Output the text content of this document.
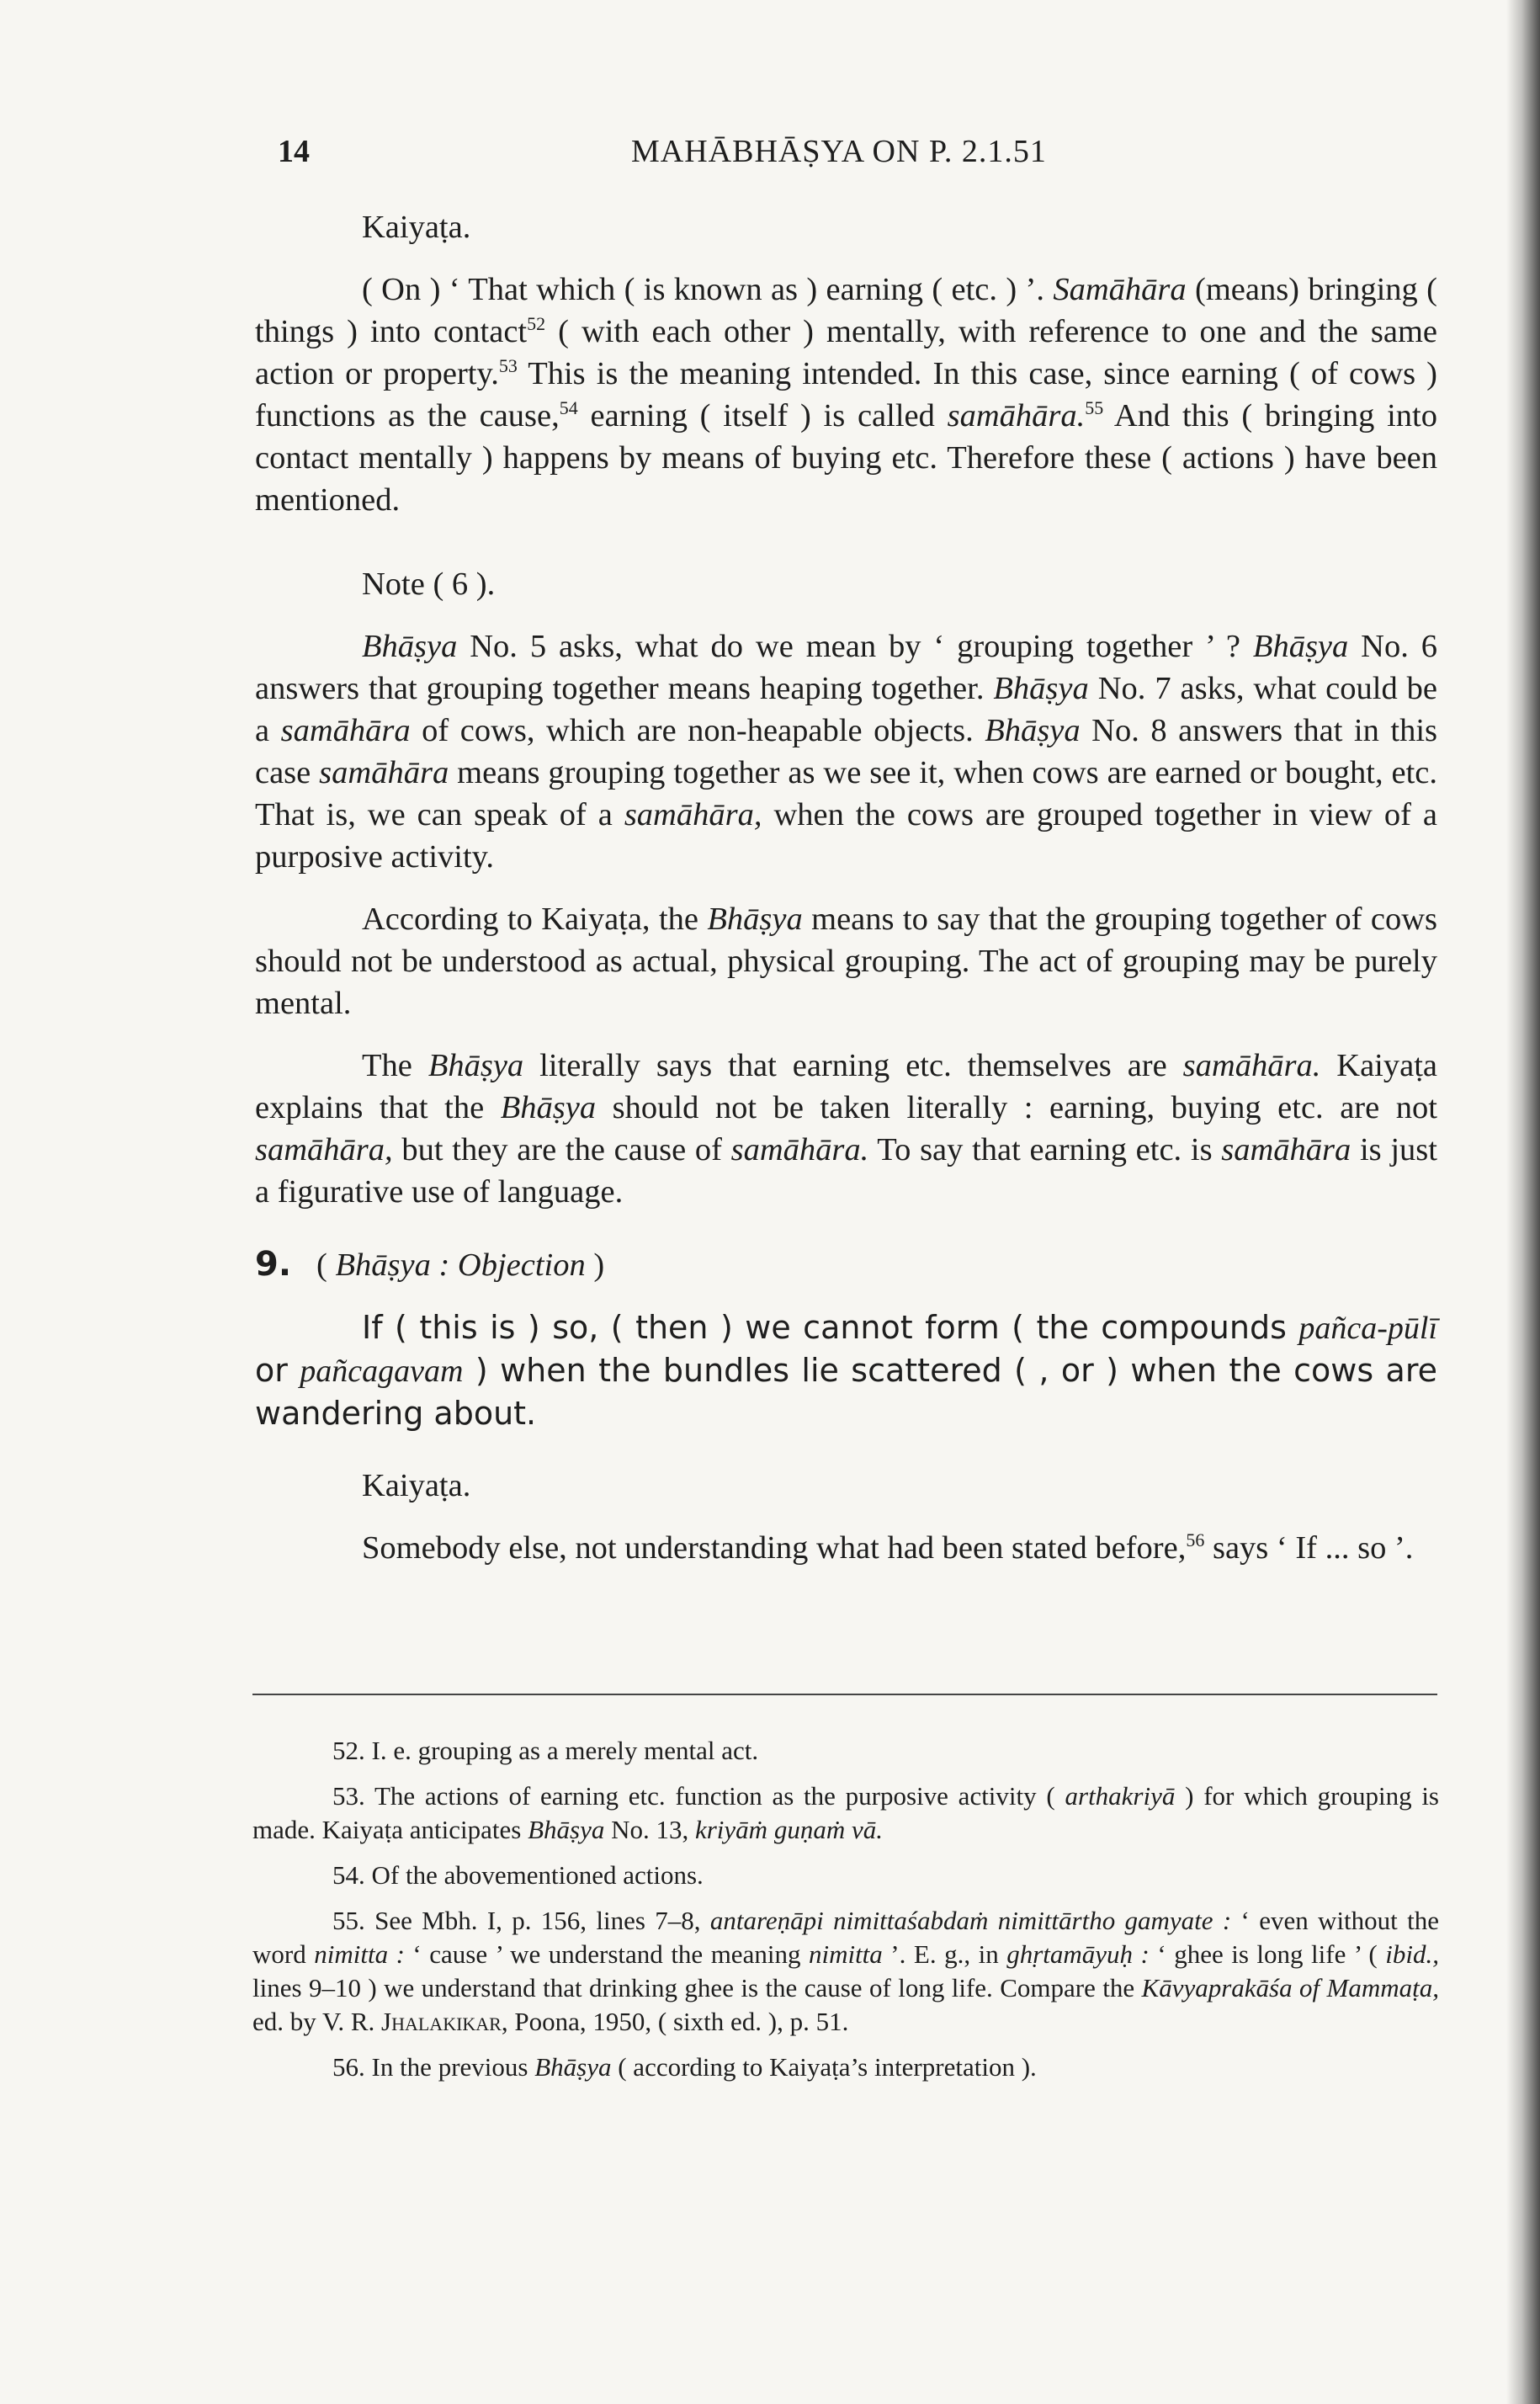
14	MAHĀBHĀṢYA ON P. 2.1.51

Kaiyaṭa.

( On ) ‘ That which ( is known as ) earning ( etc. ) ’. Samāhāra (means) bringing ( things ) into contact$^{52}$ ( with each other ) mentally, with reference to one and the same action or property.$^{53}$ This is the meaning intended. In this case, since earning ( of cows ) functions as the cause,$^{54}$ earning ( itself ) is called samāhāra.$^{55}$ And this ( bringing into contact mentally ) happens by means of buying etc. Therefore these ( actions ) have been mentioned.

Note ( 6 ).

Bhāṣya No. 5 asks, what do we mean by ‘ grouping together ’ ? Bhāṣya No. 6 answers that grouping together means heaping together. Bhāṣya No. 7 asks, what could be a samāhāra of cows, which are non-heapable objects. Bhāṣya No. 8 answers that in this case samāhāra means grouping together as we see it, when cows are earned or bought, etc. That is, we can speak of a samāhāra, when the cows are grouped together in view of a purposive activity.

According to Kaiyaṭa, the Bhāṣya means to say that the grouping together of cows should not be understood as actual, physical grouping. The act of grouping may be purely mental.

The Bhāṣya literally says that earning etc. themselves are samāhāra. Kaiyaṭa explains that the Bhāṣya should not be taken literally : earning, buying etc. are not samāhāra, but they are the cause of samāhāra. To say that earning etc. is samāhāra is just a figurative use of language.

9. ( Bhāṣya : Objection )

If ( this is ) so, ( then ) we cannot form ( the compounds pañca-pūlī or pañcagavam ) when the bundles lie scattered ( , or ) when the cows are wandering about.

Kaiyaṭa.

Somebody else, not understanding what had been stated before,$^{56}$ says ‘ If ... so ’.

52. I. e. grouping as a merely mental act.

53. The actions of earning etc. function as the purposive activity ( arthakriyā ) for which grouping is made. Kaiyaṭa anticipates Bhāṣya No. 13, kriyāṁ guṇaṁ vā.

54. Of the abovementioned actions.

55. See Mbh. I, p. 156, lines 7–8, antareṇāpi nimittaśabdaṁ nimittārtho gamyate : ‘ even without the word nimitta : ‘ cause ’ we understand the meaning nimitta ’. E. g., in ghṛtamāyuḥ : ‘ ghee is long life ’ ( ibid., lines 9–10 ) we understand that drinking ghee is the cause of long life. Compare the Kāvyaprakāśa of Mammaṭa, ed. by V. R. Jhalakikar, Poona, 1950, ( sixth ed. ), p. 51.

56. In the previous Bhāṣya ( according to Kaiyaṭa’s interpretation ).
